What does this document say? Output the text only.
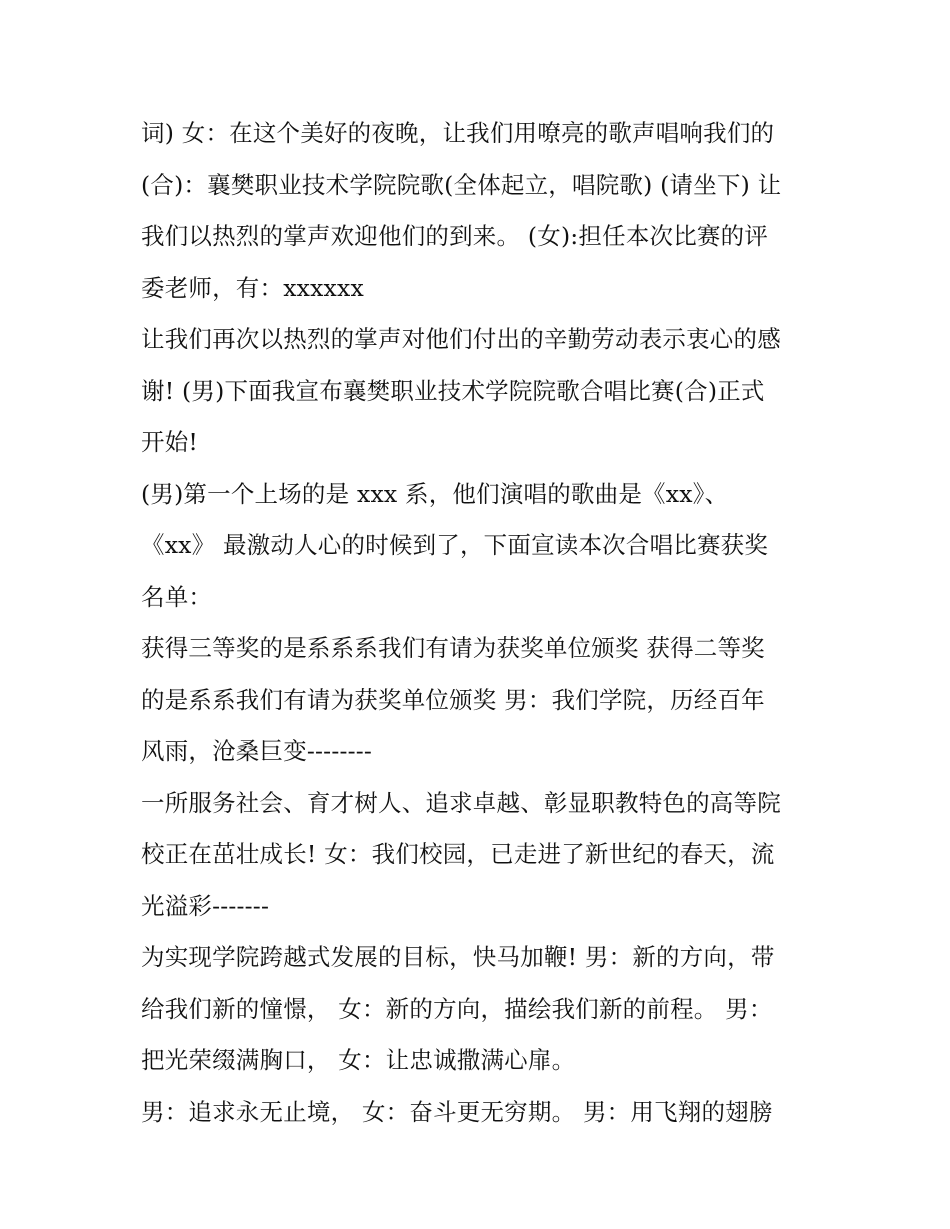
词) 女：在这个美好的夜晚，让我们用嘹亮的歌声唱响我们的
(合)：襄樊职业技术学院院歌(全体起立，唱院歌) (请坐下) 让
我们以热烈的掌声欢迎他们的到来。 (女):担任本次比赛的评
委老师，有：xxxxxx
让我们再次以热烈的掌声对他们付出的辛勤劳动表示衷心的感
谢! (男)下面我宣布襄樊职业技术学院院歌合唱比赛(合)正式
开始!
(男)第一个上场的是 xxx 系，他们演唱的歌曲是《xx》、
《xx》 最激动人心的时候到了，下面宣读本次合唱比赛获奖
名单：
获得三等奖的是系系系我们有请为获奖单位颁奖 获得二等奖
的是系系我们有请为获奖单位颁奖 男：我们学院，历经百年
风雨，沧桑巨变--------
一所服务社会、育才树人、追求卓越、彰显职教特色的高等院
校正在茁壮成长! 女：我们校园，已走进了新世纪的春天，流
光溢彩-------
为实现学院跨越式发展的目标，快马加鞭! 男：新的方向，带
给我们新的憧憬， 女：新的方向，描绘我们新的前程。 男：
把光荣缀满胸口， 女：让忠诚撒满心扉。
男：追求永无止境， 女：奋斗更无穷期。 男：用飞翔的翅膀
